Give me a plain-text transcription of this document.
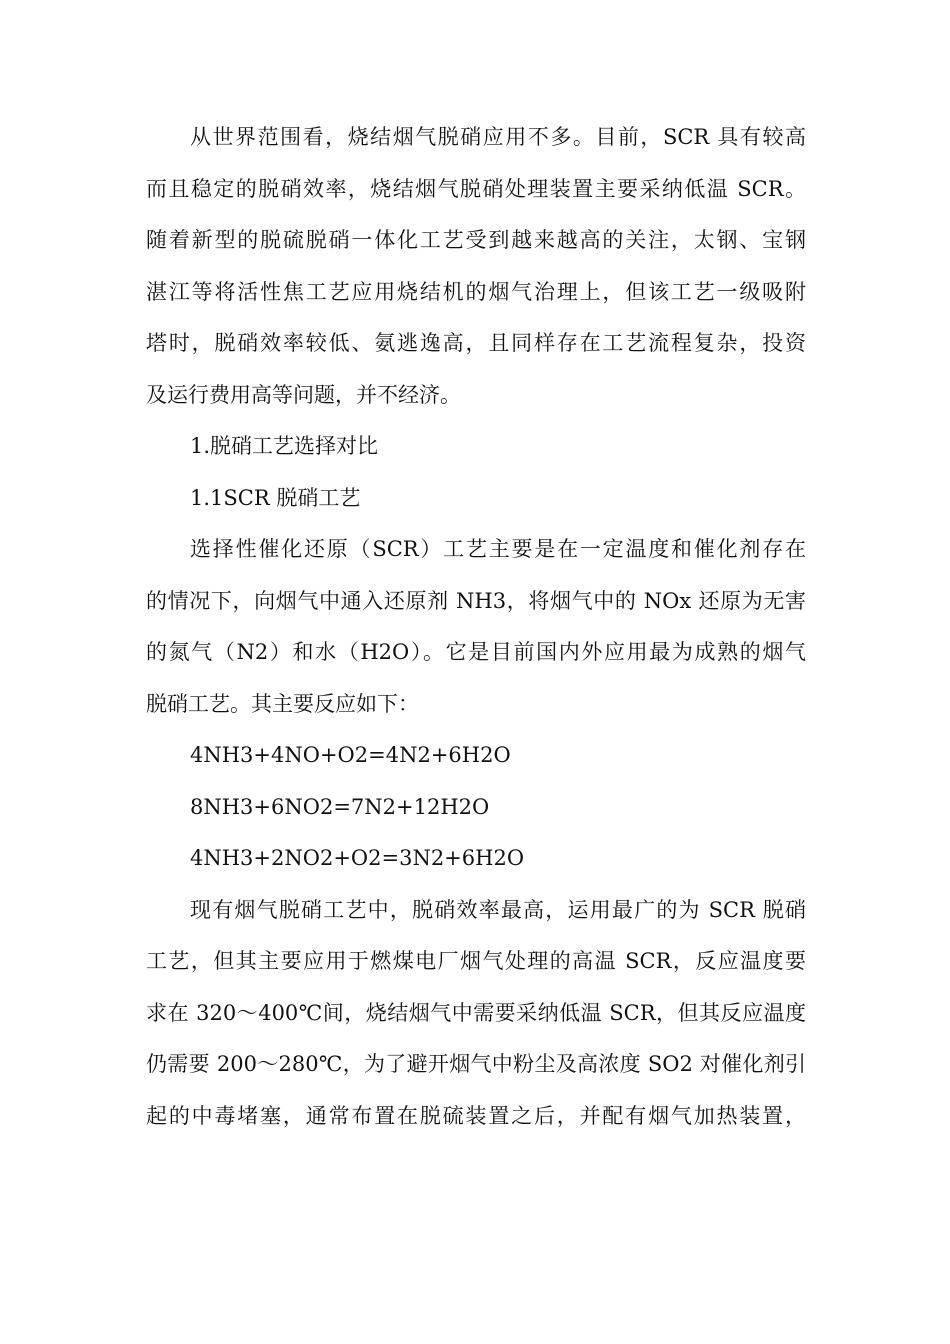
从世界范围看，烧结烟气脱硝应用不多。目前，SCR 具有较高
而且稳定的脱硝效率，烧结烟气脱硝处理装置主要采纳低温 SCR。
随着新型的脱硫脱硝一体化工艺受到越来越高的关注，太钢、宝钢
湛江等将活性焦工艺应用烧结机的烟气治理上，但该工艺一级吸附
塔时，脱硝效率较低、氨逃逸高，且同样存在工艺流程复杂，投资
及运行费用高等问题，并不经济。

1.脱硝工艺选择对比

1.1SCR 脱硝工艺

选择性催化还原（SCR）工艺主要是在一定温度和催化剂存在
的情况下，向烟气中通入还原剂 NH3，将烟气中的 NOx 还原为无害
的氮气（N2）和水（H2O）。它是目前国内外应用最为成熟的烟气
脱硝工艺。其主要反应如下：

4NH3+4NO+O2=4N2+6H2O

8NH3+6NO2=7N2+12H2O

4NH3+2NO2+O2=3N2+6H2O

现有烟气脱硝工艺中，脱硝效率最高，运用最广的为 SCR 脱硝
工艺，但其主要应用于燃煤电厂烟气处理的高温 SCR，反应温度要
求在 320～400℃间，烧结烟气中需要采纳低温 SCR，但其反应温度
仍需要 200～280℃，为了避开烟气中粉尘及高浓度 SO2 对催化剂引
起的中毒堵塞，通常布置在脱硫装置之后，并配有烟气加热装置，
